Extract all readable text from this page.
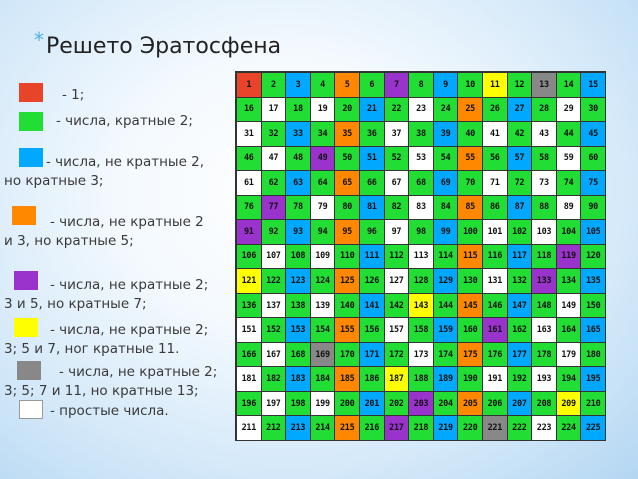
*Решето Эратосфена
- 1;
- числа, кратные 2;
- числа, не кратные 2,
но кратные 3;
- числа, не кратные 2
и 3, но кратные 5;
- числа, не кратные 2;
3 и 5, но кратные 7;
- числа, не кратные 2;
3; 5 и 7, ног кратные 11.
- числа, не кратные 2;
3; 5; 7 и 11, но кратные 13;
- простые числа.
1	2	3	4	5	6	7	8	9	10	11	12	13	14	15
16	17	18	19	20	21	22	23	24	25	26	27	28	29	30
31	32	33	34	35	36	37	38	39	40	41	42	43	44	45
46	47	48	49	50	51	52	53	54	55	56	57	58	59	60
61	62	63	64	65	66	67	68	69	70	71	72	73	74	75
76	77	78	79	80	81	82	83	84	85	86	87	88	89	90
91	92	93	94	95	96	97	98	99	100	101	102	103	104	105
106	107	108	109	110	111	112	113	114	115	116	117	118	119	120
121	122	123	124	125	126	127	128	129	130	131	132	133	134	135
136	137	138	139	140	141	142	143	144	145	146	147	148	149	150
151	152	153	154	155	156	157	158	159	160	161	162	163	164	165
166	167	168	169	170	171	172	173	174	175	176	177	178	179	180
181	182	183	184	185	186	187	188	189	190	191	192	193	194	195
196	197	198	199	200	201	202	203	204	205	206	207	208	209	210
211	212	213	214	215	216	217	218	219	220	221	222	223	224	225
